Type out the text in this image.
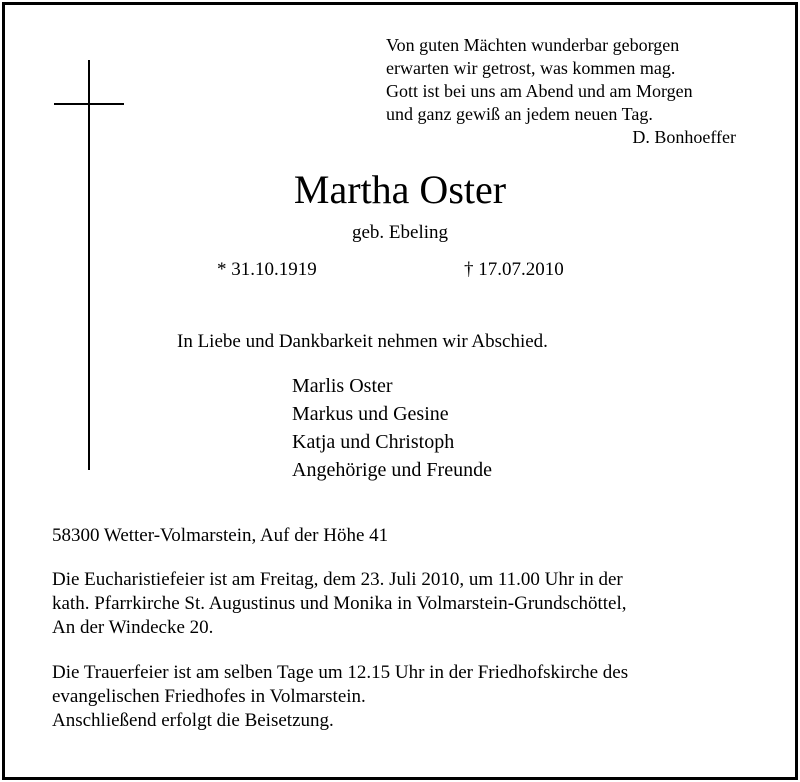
Von guten Mächten wunderbar geborgen
erwarten wir getrost, was kommen mag.
Gott ist bei uns am Abend und am Morgen
und ganz gewiß an jedem neuen Tag.
D. Bonhoeffer
Martha Oster
geb. Ebeling
* 31.10.1919	† 17.07.2010
In Liebe und Dankbarkeit nehmen wir Abschied.
Marlis Oster
Markus und Gesine
Katja und Christoph
Angehörige und Freunde
58300 Wetter-Volmarstein, Auf der Höhe 41
Die Eucharistiefeier ist am Freitag, dem 23. Juli 2010, um 11.00 Uhr in der
kath. Pfarrkirche St. Augustinus und Monika in Volmarstein-Grundschöttel,
An der Windecke 20.
Die Trauerfeier ist am selben Tage um 12.15 Uhr in der Friedhofskirche des
evangelischen Friedhofes in Volmarstein.
Anschließend erfolgt die Beisetzung.
